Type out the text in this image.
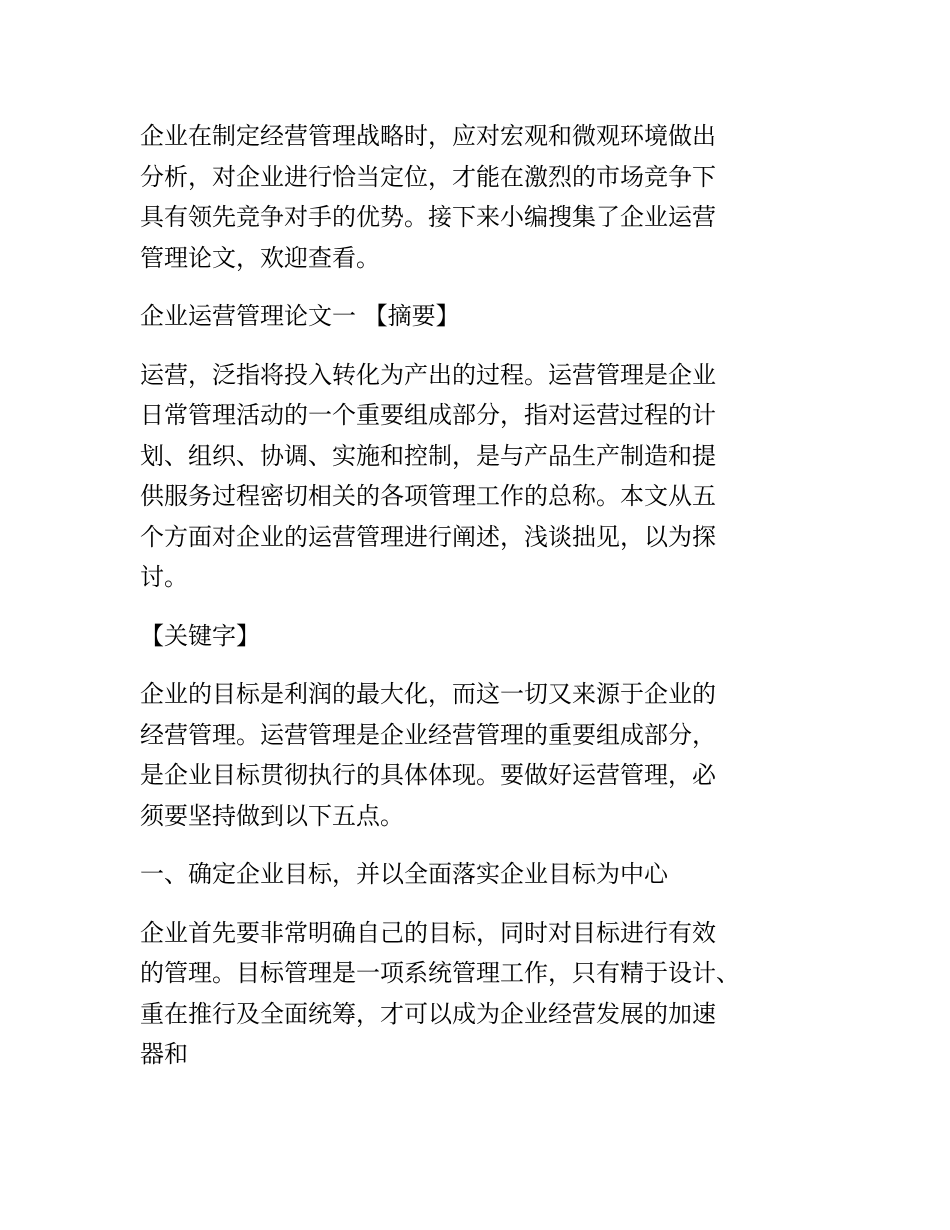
企业在制定经营管理战略时，应对宏观和微观环境做出
分析，对企业进行恰当定位，才能在激烈的市场竞争下
具有领先竞争对手的优势。接下来小编搜集了企业运营
管理论文，欢迎查看。

企业运营管理论文一 【摘要】

运营，泛指将投入转化为产出的过程。运营管理是企业
日常管理活动的一个重要组成部分，指对运营过程的计
划、组织、协调、实施和控制，是与产品生产制造和提
供服务过程密切相关的各项管理工作的总称。本文从五
个方面对企业的运营管理进行阐述，浅谈拙见，以为探
讨。

【关键字】

企业的目标是利润的最大化，而这一切又来源于企业的
经营管理。运营管理是企业经营管理的重要组成部分，
是企业目标贯彻执行的具体体现。要做好运营管理，必
须要坚持做到以下五点。

一、确定企业目标，并以全面落实企业目标为中心

企业首先要非常明确自己的目标，同时对目标进行有效
的管理。目标管理是一项系统管理工作，只有精于设计、
重在推行及全面统筹，才可以成为企业经营发展的加速
器和
